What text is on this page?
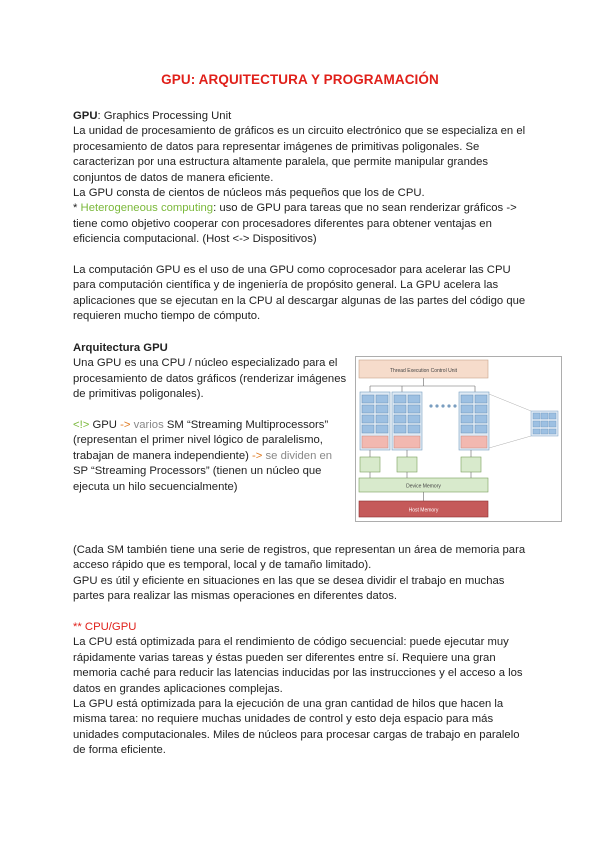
GPU: ARQUITECTURA Y PROGRAMACIÓN

GPU: Graphics Processing Unit

La unidad de procesamiento de gráficos es un circuito electrónico que se especializa en el procesamiento de datos para representar imágenes de primitivas poligonales. Se caracterizan por una estructura altamente paralela, que permite manipular grandes conjuntos de datos de manera eficiente.

La GPU consta de cientos de núcleos más pequeños que los de CPU.

* Heterogeneous computing: uso de GPU para tareas que no sean renderizar gráficos -> tiene como objetivo cooperar con procesadores diferentes para obtener ventajas en eficiencia computacional. (Host <-> Dispositivos)

La computación GPU es el uso de una GPU como coprocesador para acelerar las CPU para computación científica y de ingeniería de propósito general. La GPU acelera las aplicaciones que se ejecutan en la CPU al descargar algunas de las partes del código que requieren mucho tiempo de cómputo.

Arquitectura GPU

Una GPU es una CPU / núcleo especializado para el procesamiento de datos gráficos (renderizar imágenes de primitivas poligonales).

<!> GPU -> varios SM “Streaming Multiprocessors” (representan el primer nivel lógico de paralelismo, trabajan de manera independiente) -> se dividen en SP “Streaming Processors” (tienen un núcleo que ejecuta un hilo secuencialmente)

Thread Execution Control Unit
Device Memory
Host Memory

(Cada SM también tiene una serie de registros, que representan un área de memoria para acceso rápido que es temporal, local y de tamaño limitado).

GPU es útil y eficiente en situaciones en las que se desea dividir el trabajo en muchas partes para realizar las mismas operaciones en diferentes datos.

** CPU/GPU

La CPU está optimizada para el rendimiento de código secuencial: puede ejecutar muy rápidamente varias tareas y éstas pueden ser diferentes entre sí. Requiere una gran memoria caché para reducir las latencias inducidas por las instrucciones y el acceso a los datos en grandes aplicaciones complejas.

La GPU está optimizada para la ejecución de una gran cantidad de hilos que hacen la misma tarea: no requiere muchas unidades de control y esto deja espacio para más unidades computacionales. Miles de núcleos para procesar cargas de trabajo en paralelo de forma eficiente.
